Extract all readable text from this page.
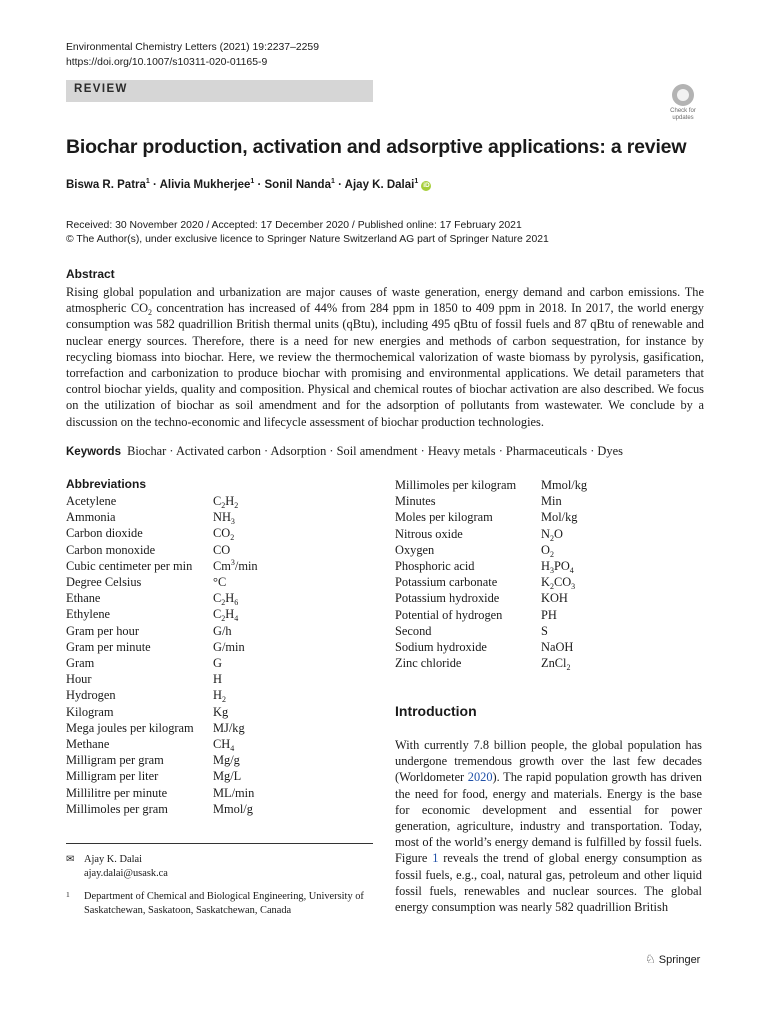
Environmental Chemistry Letters (2021) 19:2237–2259
https://doi.org/10.1007/s10311-020-01165-9
REVIEW
Check for updates
Biochar production, activation and adsorptive applications: a review
Biswa R. Patra$^1$ · Alivia Mukherjee$^1$ · Sonil Nanda$^1$ · Ajay K. Dalai$^1$ iD
Received: 30 November 2020 / Accepted: 17 December 2020 / Published online: 17 February 2021
© The Author(s), under exclusive licence to Springer Nature Switzerland AG part of Springer Nature 2021
Abstract
Rising global population and urbanization are major causes of waste generation, energy demand and carbon emissions. The atmospheric $CO_2$ concentration has increased of 44% from 284 ppm in 1850 to 409 ppm in 2018. In 2017, the world energy consumption was 582 quadrillion British thermal units (qBtu), including 495 qBtu of fossil fuels and 87 qBtu of renewable and nuclear energy sources. Therefore, there is a need for new energies and methods of carbon sequestration, for instance by recycling biomass into biochar. Here, we review the thermochemical valorization of waste biomass by pyrolysis, gasification, torrefaction and carbonization to produce biochar with promising and environmental applications. We detail parameters that control biochar yields, quality and composition. Physical and chemical routes of biochar activation are also described. We focus on the utilization of biochar as soil amendment and for the adsorption of pollutants from wastewater. We conclude by a discussion on the techno-economic and lifecycle assessment of biochar production technologies.
Keywords Biochar · Activated carbon · Adsorption · Soil amendment · Heavy metals · Pharmaceuticals · Dyes
Abbreviations
Acetylene	$C_2H_2$
Ammonia	$NH_3$
Carbon dioxide	$CO_2$
Carbon monoxide	CO
Cubic centimeter per min	Cm$^3$/min
Degree Celsius	°C
Ethane	$C_2H_6$
Ethylene	$C_2H_4$
Gram per hour	G/h
Gram per minute	G/min
Gram	G
Hour	H
Hydrogen	$H_2$
Kilogram	Kg
Mega joules per kilogram	MJ/kg
Methane	$CH_4$
Milligram per gram	Mg/g
Milligram per liter	Mg/L
Millilitre per minute	ML/min
Millimoles per gram	Mmol/g
Millimoles per kilogram	Mmol/kg
Minutes	Min
Moles per kilogram	Mol/kg
Nitrous oxide	$N_2O$
Oxygen	$O_2$
Phosphoric acid	$H_3PO_4$
Potassium carbonate	$K_2CO_3$
Potassium hydroxide	KOH
Potential of hydrogen	PH
Second	S
Sodium hydroxide	NaOH
Zinc chloride	ZnCl$_2$
Introduction
With currently 7.8 billion people, the global population has undergone tremendous growth over the last few decades (Worldometer 2020). The rapid population growth has driven the need for food, energy and materials. Energy is the base for economic development and essential for power generation, agriculture, industry and transportation. Today, most of the world’s energy demand is fulfilled by fossil fuels. Figure 1 reveals the trend of global energy consumption as fossil fuels, e.g., coal, natural gas, petroleum and other liquid fossil fuels, renewables and nuclear sources. The global energy consumption was nearly 582 quadrillion British
✉ Ajay K. Dalai
ajay.dalai@usask.ca
1 Department of Chemical and Biological Engineering, University of Saskatchewan, Saskatoon, Saskatchewan, Canada
♘ Springer
